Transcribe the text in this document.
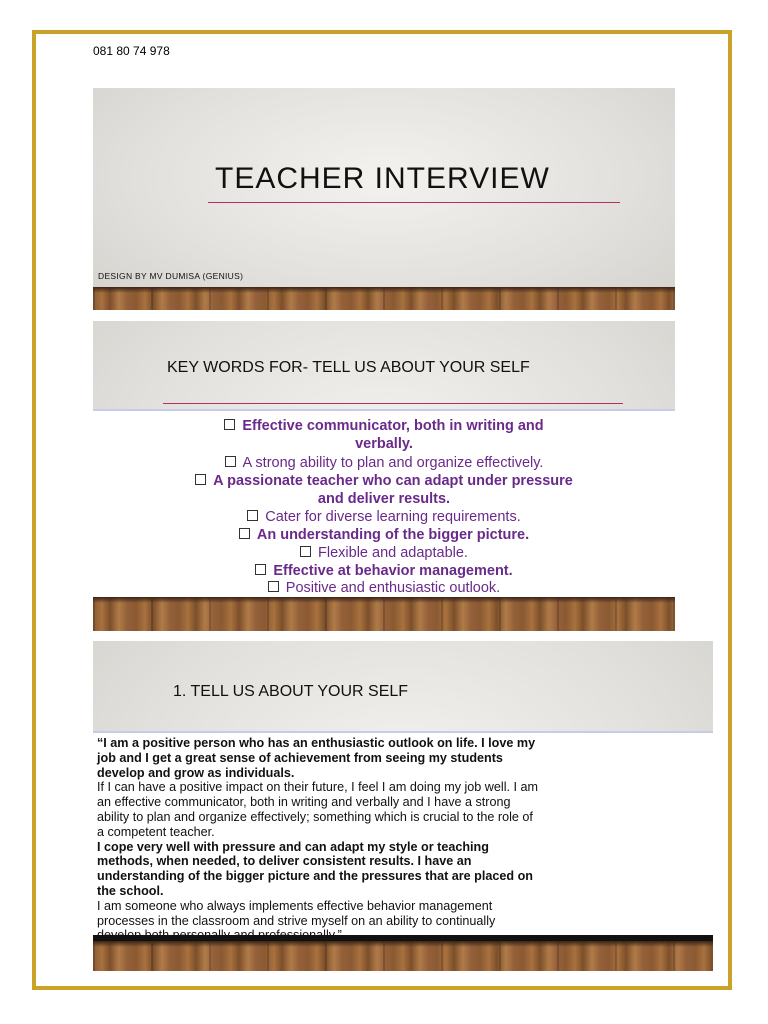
081 80 74 978
TEACHER INTERVIEW
DESIGN BY MV DUMISA (GENIUS)
KEY WORDS FOR- TELL US ABOUT YOUR SELF
Effective communicator, both in writing and
verbally.
A strong ability to plan and organize effectively.
A passionate teacher who can adapt under pressure
and deliver results.
Cater for diverse learning requirements.
An understanding of the bigger picture.
Flexible and adaptable.
Effective at behavior management.
Positive and enthusiastic outlook.
1. TELL US ABOUT YOUR SELF

“I am a positive person who has an enthusiastic outlook on life. I love my

job and I get a great sense of achievement from seeing my students

develop and grow as individuals.

If I can have a positive impact on their future, I feel I am doing my job well. I am

an effective communicator, both in writing and verbally and I have a strong

ability to plan and organize effectively; something which is crucial to the role of

a competent teacher.

I cope very well with pressure and can adapt my style or teaching

methods, when needed, to deliver consistent results. I have an

understanding of the bigger picture and the pressures that are placed on

the school.

I am someone who always implements effective behavior management

processes in the classroom and strive myself on an ability to continually
